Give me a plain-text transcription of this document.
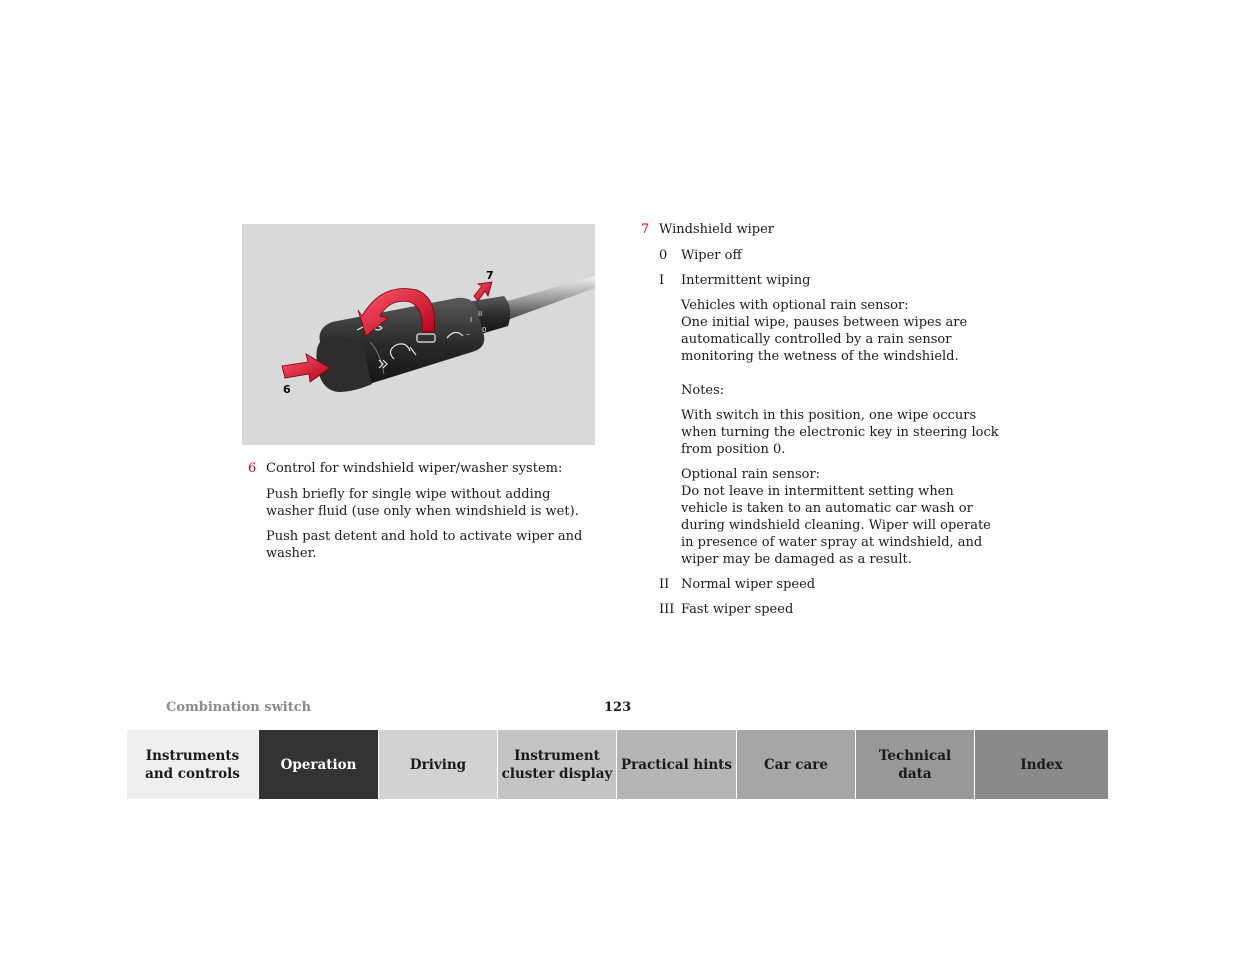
I
II
0
–
7
6
6 Control for windshield wiper/washer system:

Push briefly for single wipe without adding washer fluid (use only when windshield is wet).

Push past detent and hold to activate wiper and washer.

7 Windshield wiper
0 Wiper off
I Intermittent wiping

Vehicles with optional rain sensor:
One initial wipe, pauses between wipes are automatically controlled by a rain sensor monitoring the wetness of the windshield.

Notes:

With switch in this position, one wipe occurs when turning the electronic key in steering lock from position 0.

Optional rain sensor:
Do not leave in intermittent setting when vehicle is taken to an automatic car wash or during windshield cleaning. Wiper will operate in presence of water spray at windshield, and wiper may be damaged as a result.

II Normal wiper speed
III Fast wiper speed
Combination switch	123
Instruments
and controls
Operation	Driving
Instrument
cluster display
Practical hints Car care
Technical
data
Index
